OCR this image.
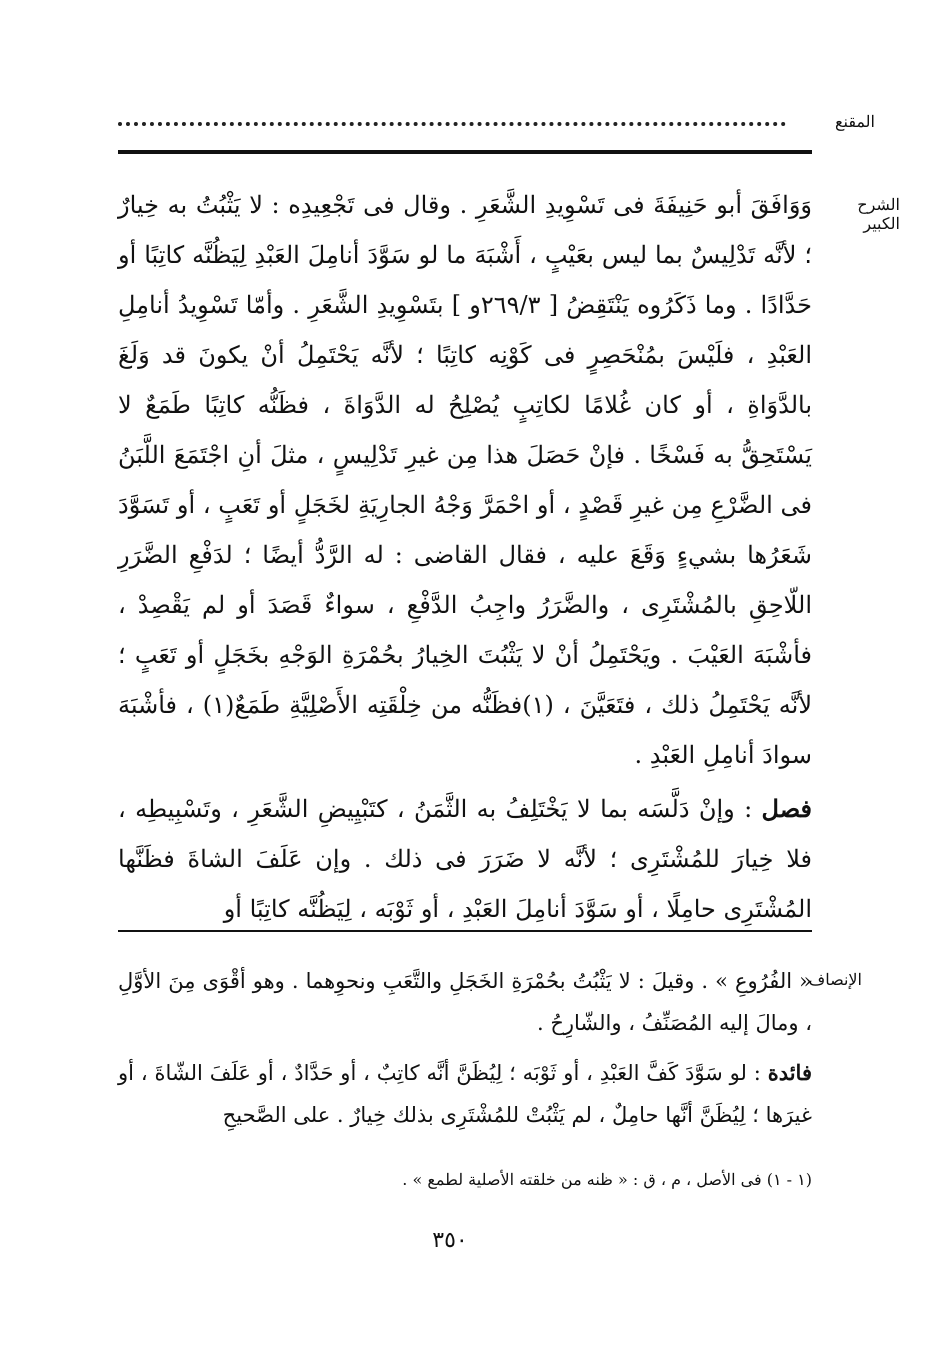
المقنع
الشرح الكبير

وَوَافَقَ أبو حَنِيفَةَ فى تَسْوِيدِ الشَّعَرِ . وقال فى تَجْعِيدِه : لا يَثْبُتُ به خِيارٌ ؛ لأنَّه تَدْلِيسٌ بما ليس بعَيْبٍ ، أَشْبَهَ ما لو سَوَّدَ أنامِلَ العَبْدِ لِيَظُنَّه كاتِبًا أو حَدَّادًا . وما ذَكَرُوه يَنْتَقِضُ [ ٢٦٩/٣و ] بتَسْوِيدِ الشَّعَرِ . وأمّا تَسْوِيدُ أنامِلِ العَبْدِ ، فلَيْسَ بمُنْحَصِرٍ فى كَوْنِه كاتِبًا ؛ لأنَّه يَحْتَمِلُ أنْ يكونَ قد وَلَغَ بالدَّوَاةِ ، أو كان غُلامًا لكاتِبٍ يُصْلِحُ له الدَّوَاةَ ، فظَنُّه كاتِبًا طَمَعٌ لا يَسْتَحِقُّ به فَسْخًا . فإنْ حَصَلَ هذا مِن غيرِ تَدْلِيسٍ ، مثلَ أنِ اجْتَمَعَ اللَّبَنُ فى الضَّرْعِ مِن غيرِ قَصْدٍ ، أو احْمَرَّ وَجْهُ الجارِيَةِ لخَجَلٍ أو تَعَبٍ ، أو تَسَوَّدَ شَعَرُها بشيءٍ وَقَعَ عليه ، فقال القاضى : له الرَّدُّ أيضًا ؛ لدَفْعِ الضَّرَرِ اللّاحِقِ بالمُشْتَرِى ، والضَّرَرُ واجِبُ الدَّفْعِ ، سواءٌ قَصَدَ أو لم يَقْصِدْ ، فأشْبَهَ العَيْبَ . ويَحْتَمِلُ أنْ لا يَثْبُتَ الخِيارُ بحُمْرَةِ الوَجْهِ بخَجَلٍ أو تَعَبٍ ؛ لأنَّه يَحْتَمِلُ ذلك ، فتَعَيَّنَ ، (١)فظَنُّه من خِلْقَتِه الأَصْلِيَّةِ طَمَعٌ(١) ، فأشْبَهَ سوادَ أنامِلِ العَبْدِ .

فصل : وإنْ دَلَّسَه بما لا يَخْتَلِفُ به الثَّمَنُ ، كتَبْيِيضِ الشَّعَرِ ، وتَسْبِيطِه ، فلا خِيارَ للمُشْتَرِى ؛ لأنَّه لا ضَرَرَ فى ذلك . وإن عَلَفَ الشاةَ فظَنَّها المُشْتَرِى حامِلًا ، أو سَوَّدَ أنامِلَ العَبْدِ ، أو ثَوْبَه ، لِيَظُنَّه كاتِبًا أو

الإنصاف

« الفُرُوعِ » . وقيلَ : لا يَثْبُتُ بحُمْرَةِ الخَجَلِ والتَّعَبِ ونحوِهما . وهو أقْوَى مِنَ الأوَّلِ ، ومالَ إليه المُصَنِّفُ ، والشّارِحُ .

فائدة : لو سَوَّدَ كَفَّ العَبْدِ ، أو ثَوْبَه ؛ لِيُظَنَّ أنَّه كاتِبٌ ، أو حَدَّادٌ ، أو عَلَفَ الشّاةَ ، أو غيرَها ؛ لِيُظَنَّ أنَّها حامِلٌ ، لم يَثْبُتْ للمُشْتَرِى بذلك خِيارٌ . على الصَّحيحِ

(١ - ١) فى الأصل ، م ، ق : « ظنه من خلقته الأصلية لطمع » .
٣٥٠
